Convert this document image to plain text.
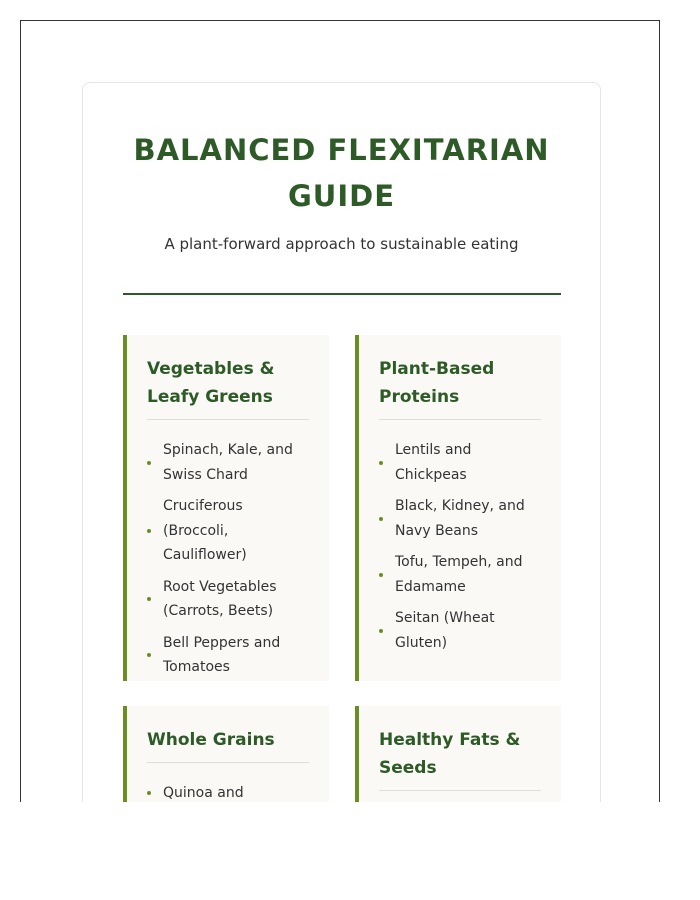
BALANCED FLEXITARIAN GUIDE
A plant-forward approach to sustainable eating
Vegetables & Leafy Greens
Spinach, Kale, and Swiss Chard
Cruciferous (Broccoli, Cauliflower)
Root Vegetables (Carrots, Beets)
Bell Peppers and Tomatoes
Plant-Based Proteins
Lentils and Chickpeas
Black, Kidney, and Navy Beans
Tofu, Tempeh, and Edamame
Seitan (Wheat Gluten)
Whole Grains
Quinoa and
Healthy Fats & Seeds
